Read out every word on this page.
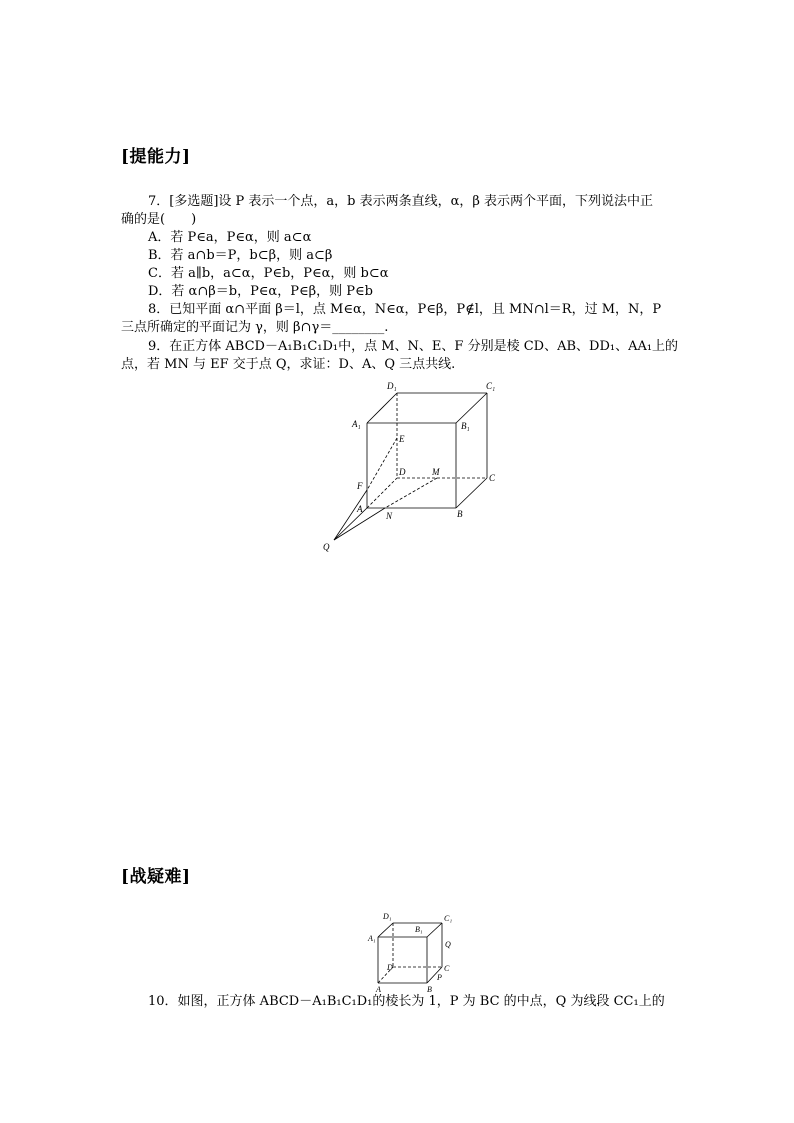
[提能力]
7．[多选题]设 P 表示一个点，a，b 表示两条直线，α，β 表示两个平面，下列说法中正
确的是(　　)
A．若 P∈a，P∈α，则 a⊂α
B．若 a∩b＝P，b⊂β，则 a⊂β
C．若 a∥b，a⊂α，P∈b，P∈α，则 b⊂α
D．若 α∩β＝b，P∈α，P∈β，则 P∈b
8．已知平面 α∩平面 β＝l，点 M∈α，N∈α，P∈β，P∉l，且 MN∩l＝R，过 M，N，P
三点所确定的平面记为 γ，则 β∩γ＝________.
9．在正方体 ABCD－A₁B₁C₁D₁中，点 M、N、E、F 分别是棱 CD、AB、DD₁、AA₁上的
点，若 MN 与 EF 交于点 Q，求证：D、A、Q 三点共线.
D₁	C₁
A₁	B₁
E
D	M
C
F
A
N	B
Q
[战疑难]
D₁	C₁
B₁
A₁
Q
D	C
A
P
B
10．如图，正方体 ABCD－A₁B₁C₁D₁的棱长为 1，P 为 BC 的中点，Q 为线段 CC₁上的
